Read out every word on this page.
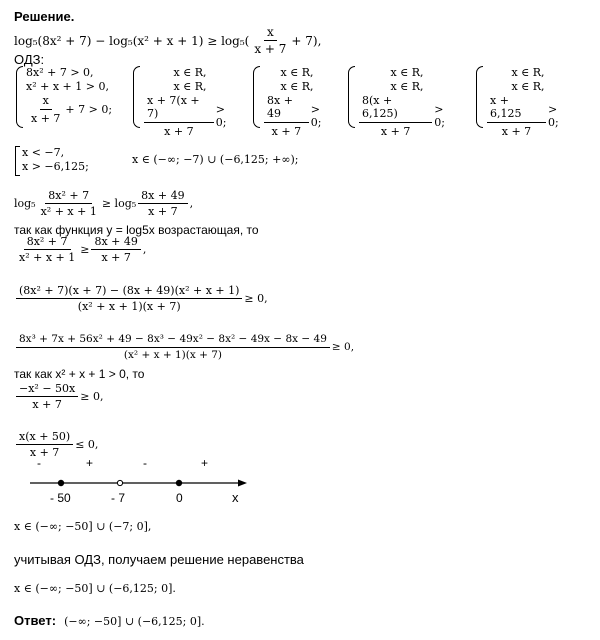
Решение.
$\log_5(8x^2 + 7) - \log_5(x^2 + x + 1) \ge \log_5( \frac{x}{x + 7} + 7)$,
ОДЗ:
8x² + 7 > 0,
x² + x + 1 > 0,
$\frac{x}{x + 7} + 7 > 0$;
x ∈ R,
x ∈ R,
$\frac{x + 7(x + 7)}{x + 7} > 0$;
x ∈ R,
x ∈ R,
$\frac{8x + 49}{x + 7} > 0$;
x ∈ R,
x ∈ R,
$\frac{8(x + 6,125)}{x + 7} > 0$;
x ∈ R,
x ∈ R,
$\frac{x + 6,125}{x + 7} > 0$;
x < −7,
x > −6,125;
x ∈ (−∞; −7) ∪ (−6,125; +∞);
$\log_5 \frac{\text{8x² + 7}}{\text{x² + x + 1}} \ge \log_5 \frac{8x + 49}{x + 7}$ ,
так как функция y = log5x возрастающая, то
$\frac{\text{8x² + 7}}{\text{x² + x + 1}} \ge \frac{8x + 49}{x + 7}$ ,
$\frac{\text{(8x² + 7)(x + 7) − (8x + 49)(x² + x + 1)}}{\text{(x² + x + 1)(x + 7)}} \ge 0$,
$\frac{\text{8x³ + 7x + 56x² + 49 − 8x³ − 49x² − 8x² − 49x − 8x − 49}}{\text{(x² + x + 1)(x + 7)}} \ge 0$,
так как x² + x + 1 > 0, то
$\frac{\text{−x² − 50x}}{x + 7} \ge 0$,
$\frac{x(x + 50)}{x + 7} \le 0$,
-	+	-	+
- 50	- 7	0	x
x ∈ (−∞; −50] ∪ (−7; 0],
учитывая ОДЗ, получаем решение неравенства
x ∈ (−∞; −50] ∪ (−6,125; 0].
Ответ: (−∞; −50] ∪ (−6,125; 0].
